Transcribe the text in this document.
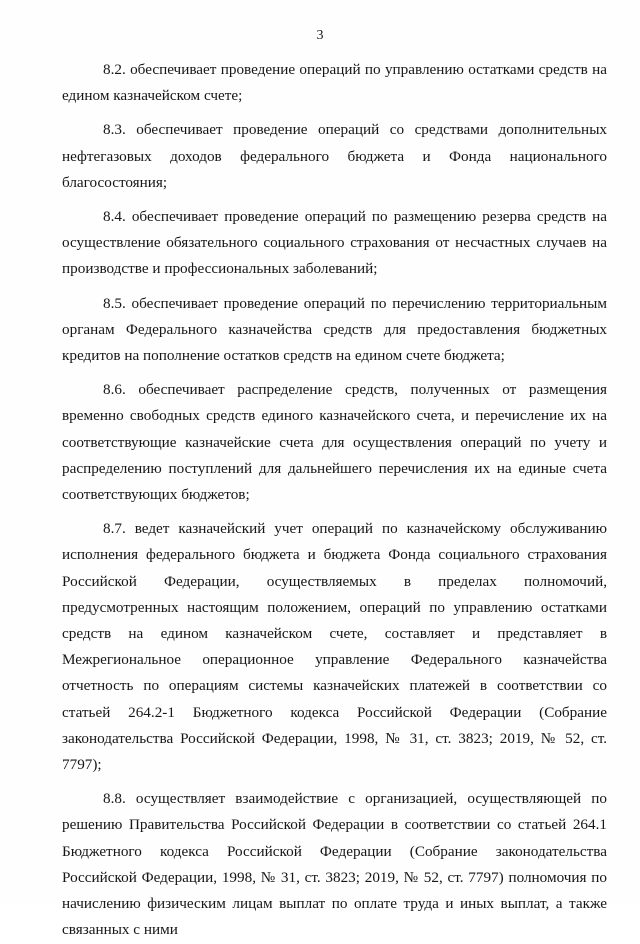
3

8.2. обеспечивает проведение операций по управлению остатками средств на едином казначейском счете;

8.3. обеспечивает проведение операций со средствами дополнительных нефтегазовых доходов федерального бюджета и Фонда национального благосостояния;

8.4. обеспечивает проведение операций по размещению резерва средств на осуществление обязательного социального страхования от несчастных случаев на производстве и профессиональных заболеваний;

8.5. обеспечивает проведение операций по перечислению территориальным органам Федерального казначейства средств для предоставления бюджетных кредитов на пополнение остатков средств на едином счете бюджета;

8.6. обеспечивает распределение средств, полученных от размещения временно свободных средств единого казначейского счета, и перечисление их на соответствующие казначейские счета для осуществления операций по учету и распределению поступлений для дальнейшего перечисления их на единые счета соответствующих бюджетов;

8.7. ведет казначейский учет операций по казначейскому обслуживанию исполнения федерального бюджета и бюджета Фонда социального страхования Российской Федерации, осуществляемых в пределах полномочий, предусмотренных настоящим положением, операций по управлению остатками средств на едином казначейском счете, составляет и представляет в Межрегиональное операционное управление Федерального казначейства отчетность по операциям системы казначейских платежей в соответствии со статьей 264.2-1 Бюджетного кодекса Российской Федерации (Собрание законодательства Российской Федерации, 1998, № 31, ст. 3823; 2019, № 52, ст. 7797);

8.8. осуществляет взаимодействие с организацией, осуществляющей по решению Правительства Российской Федерации в соответствии со статьей 264.1 Бюджетного кодекса Российской Федерации (Собрание законодательства Российской Федерации, 1998, № 31, ст. 3823; 2019, № 52, ст. 7797) полномочия по начислению физическим лицам выплат по оплате труда и иных выплат, а также связанных с ними
